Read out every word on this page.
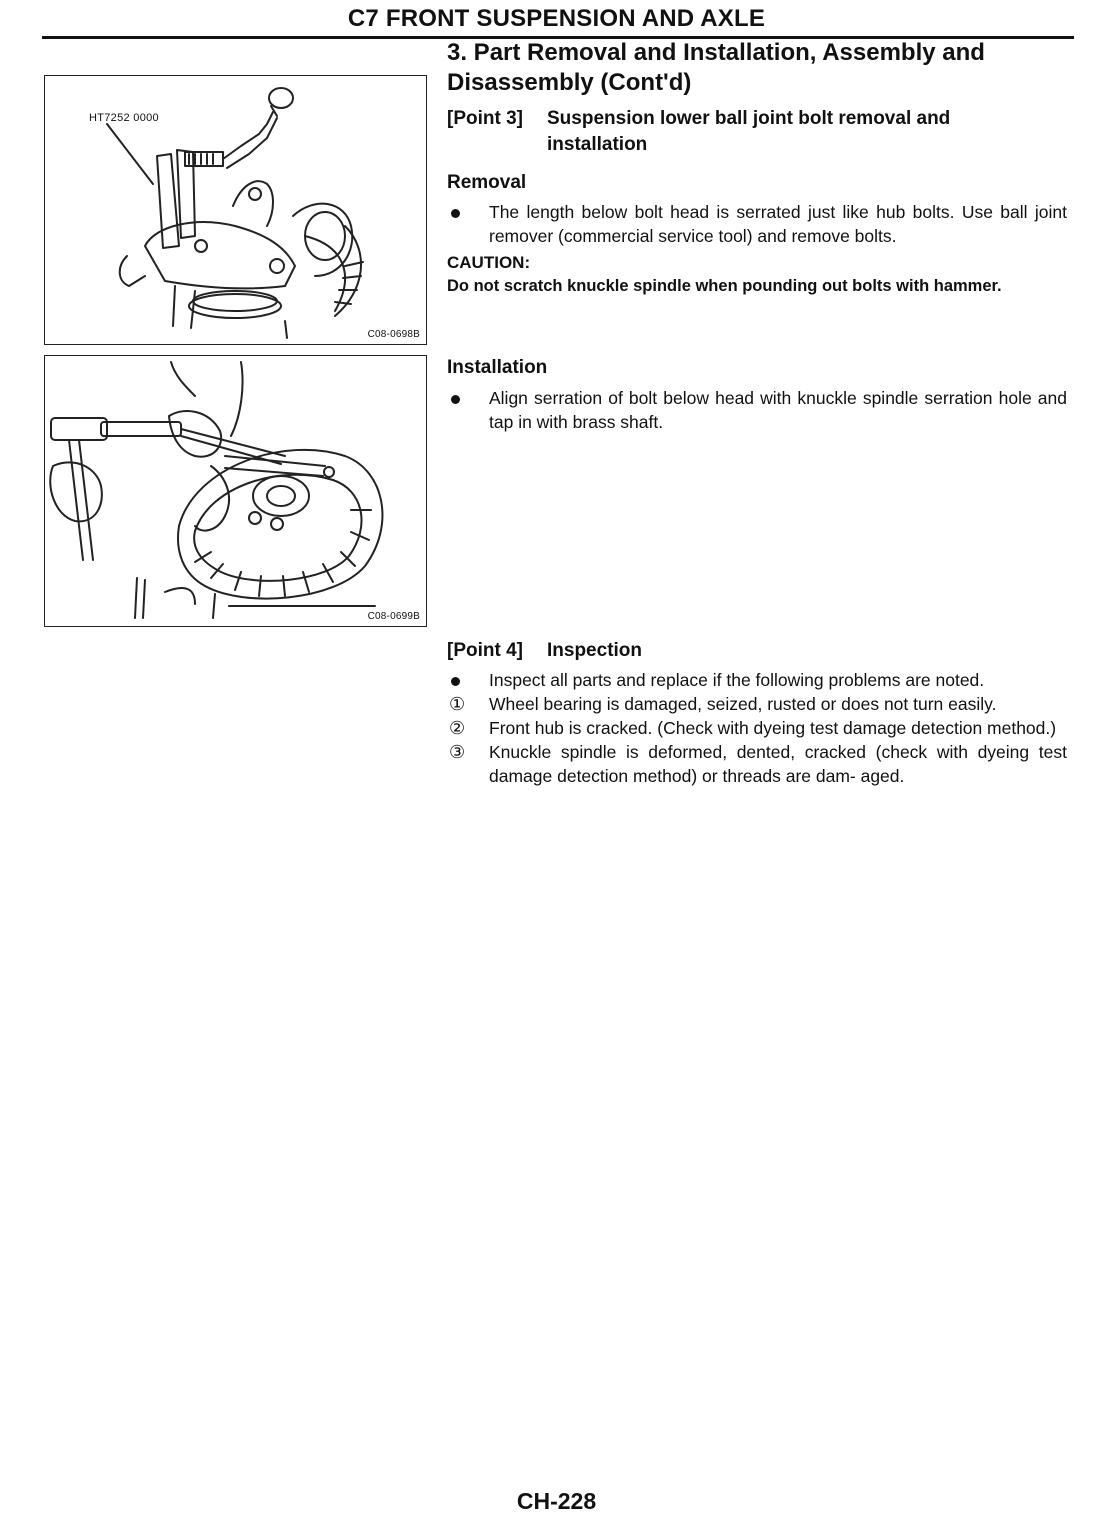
C7 FRONT SUSPENSION AND AXLE
HT7252 0000
C08-0698B
C08-0699B

3. Part Removal and Installation, Assembly and

Disassembly (Cont'd)

[Point 3]	Suspension lower ball joint bolt removal and
installation

Removal

The length below bolt head is serrated just like hub bolts. Use ball joint remover (commercial service tool) and remove bolts.
CAUTION:
Do not scratch knuckle spindle when pounding out bolts with hammer.

Installation

Align serration of bolt below head with knuckle spindle serration hole and tap in with brass shaft.
[Point 4]	Inspection
Inspect all parts and replace if the following problems are noted.
①	Wheel bearing is damaged, seized, rusted or does not turn easily.
②	Front hub is cracked. (Check with dyeing test damage detection method.)
③	Knuckle spindle is deformed, dented, cracked (check with dyeing test damage detection method) or threads are dam- aged.
CH-228
